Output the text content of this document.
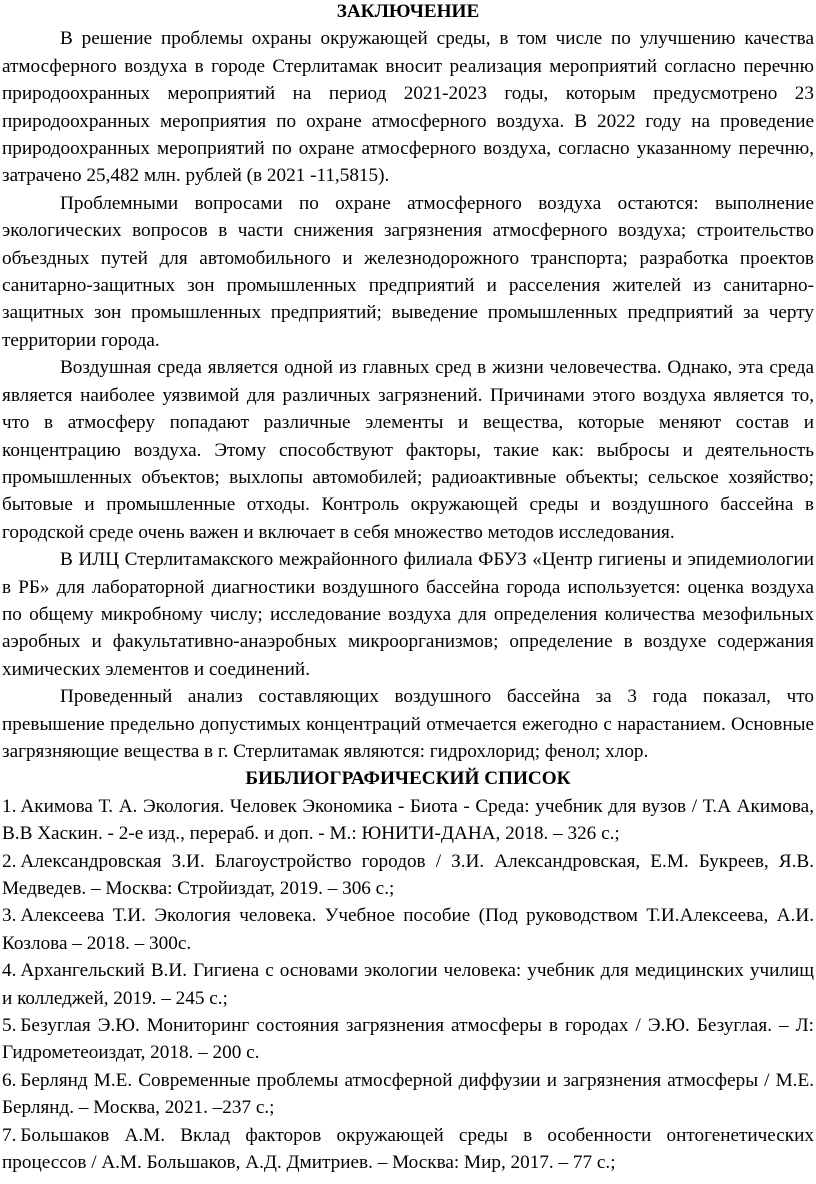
ЗАКЛЮЧЕНИЕ

В решение проблемы охраны окружающей среды, в том числе по улучшению качества атмосферного воздуха в городе Стерлитамак вносит реализация мероприятий согласно перечню природоохранных мероприятий на период 2021-2023 годы, которым предусмотрено 23 природоохранных мероприятия по охране атмосферного воздуха. В 2022 году на проведение природоохранных мероприятий по охране атмосферного воздуха, согласно указанному перечню, затрачено 25,482 млн. рублей (в 2021 -11,5815).

Проблемными вопросами по охране атмосферного воздуха остаются: выполнение экологических вопросов в части снижения загрязнения атмосферного воздуха; строительство объездных путей для автомобильного и железнодорожного транспорта; разработка проектов санитарно-защитных зон промышленных предприятий и расселения жителей из санитарно-защитных зон промышленных предприятий; выведение промышленных предприятий за черту территории города.

Воздушная среда является одной из главных сред в жизни человечества. Однако, эта среда является наиболее уязвимой для различных загрязнений. Причинами этого воздуха является то, что в атмосферу попадают различные элементы и вещества, которые меняют состав и концентрацию воздуха. Этому способствуют факторы, такие как: выбросы и деятельность промышленных объектов; выхлопы автомобилей; радиоактивные объекты; сельское хозяйство; бытовые и промышленные отходы. Контроль окружающей среды и воздушного бассейна в городской среде очень важен и включает в себя множество методов исследования.

В ИЛЦ Стерлитамакского межрайонного филиала ФБУЗ «Центр гигиены и эпидемиологии в РБ» для лабораторной диагностики воздушного бассейна города используется: оценка воздуха по общему микробному числу; исследование воздуха для определения количества мезофильных аэробных и факультативно-анаэробных микроорганизмов; определение в воздухе содержания химических элементов и соединений.

Проведенный анализ составляющих воздушного бассейна за 3 года показал, что превышение предельно допустимых концентраций отмечается ежегодно с нарастанием. Основные загрязняющие вещества в г. Стерлитамак являются: гидрохлорид; фенол; хлор.

БИБЛИОГРАФИЧЕСКИЙ СПИСОК
1. Акимова Т. А. Экология. Человек Экономика - Биота - Среда: учебник для вузов / Т.А Акимова, В.В Хаскин. - 2-е изд., перераб. и доп. - М.: ЮНИТИ-ДАНА, 2018. – 326 с.;
2. Александровская З.И. Благоустройство городов / З.И. Александровская, Е.М. Букреев, Я.В. Медведев. – Москва: Стройиздат, 2019. – 306 с.;
3. Алексеева Т.И. Экология человека. Учебное пособие (Под руководством Т.И.Алексеева, А.И. Козлова – 2018. – 300с.
4. Архангельский В.И. Гигиена с основами экологии человека: учебник для медицинских училищ и колледжей, 2019. – 245 с.;
5. Безуглая Э.Ю. Мониторинг состояния загрязнения атмосферы в городах / Э.Ю. Безуглая. – Л: Гидрометеоиздат, 2018. – 200 с.
6. Берлянд М.Е. Современные проблемы атмосферной диффузии и загрязнения атмосферы / М.Е. Берлянд. – Москва, 2021. –237 с.;
7. Большаков А.М. Вклад факторов окружающей среды в особенности онтогенетических процессов / А.М. Большаков, А.Д. Дмитриев. – Москва: Мир, 2017. – 77 с.;
